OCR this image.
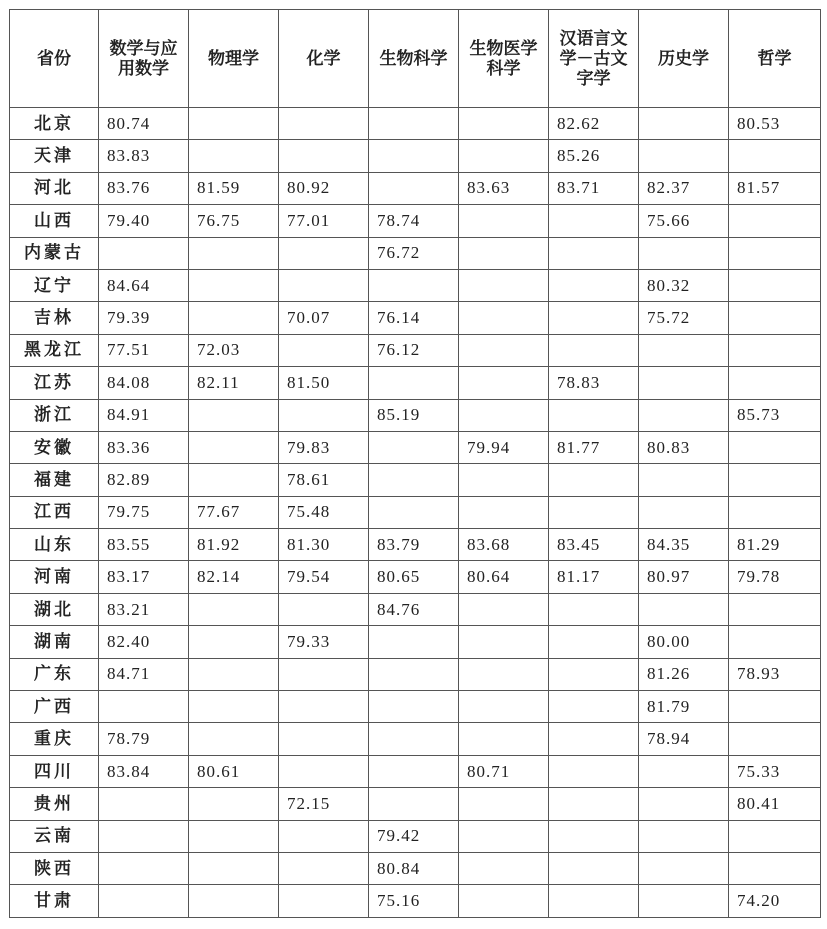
省份	数学与应用数学	物理学	化学	生物科学	生物医学科学	汉语言文学－古文字学	历史学	哲学
北京	80.74					82.62		80.53
天津	83.83					85.26		
河北	83.76	81.59	80.92		83.63	83.71	82.37	81.57
山西	79.40	76.75	77.01	78.74			75.66	
内蒙古				76.72				
辽宁	84.64						80.32	
吉林	79.39		70.07	76.14			75.72	
黑龙江	77.51	72.03		76.12				
江苏	84.08	82.11	81.50			78.83		
浙江	84.91			85.19				85.73
安徽	83.36		79.83		79.94	81.77	80.83	
福建	82.89		78.61					
江西	79.75	77.67	75.48					
山东	83.55	81.92	81.30	83.79	83.68	83.45	84.35	81.29
河南	83.17	82.14	79.54	80.65	80.64	81.17	80.97	79.78
湖北	83.21			84.76				
湖南	82.40		79.33				80.00	
广东	84.71						81.26	78.93
广西							81.79	
重庆	78.79						78.94	
四川	83.84	80.61			80.71			75.33
贵州			72.15					80.41
云南				79.42				
陕西				80.84				
甘肃				75.16				74.20
